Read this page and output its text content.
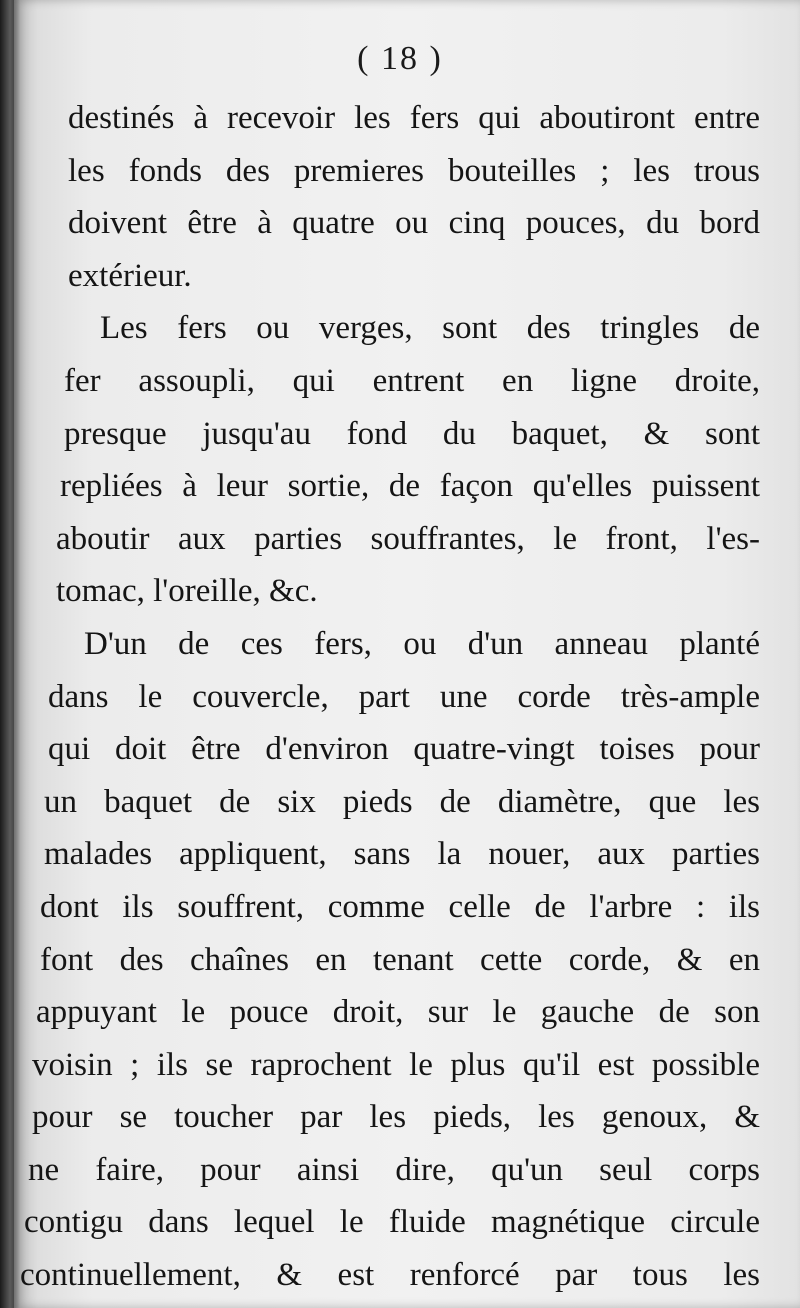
( 18 )
destinés à recevoir les fers qui aboutiront entre
les fonds des premieres bouteilles ; les trous
doivent être à quatre ou cinq pouces, du bord
extérieur.
Les fers ou verges, sont des tringles de
fer assoupli, qui entrent en ligne droite,
presque jusqu'au fond du baquet, & sont
repliées à leur sortie, de façon qu'elles puissent
aboutir aux parties souffrantes, le front, l'es-
tomac, l'oreille, &c.
D'un de ces fers, ou d'un anneau planté
dans le couvercle, part une corde très-ample
qui doit être d'environ quatre-vingt toises pour
un baquet de six pieds de diamètre, que les
malades appliquent, sans la nouer, aux parties
dont ils souffrent, comme celle de l'arbre : ils
font des chaînes en tenant cette corde, & en
appuyant le pouce droit, sur le gauche de son
voisin ; ils se raprochent le plus qu'il est possible
pour se toucher par les pieds, les genoux, &
ne faire, pour ainsi dire, qu'un seul corps
contigu dans lequel le fluide magnétique circule
continuellement, & est renforcé par tous les
